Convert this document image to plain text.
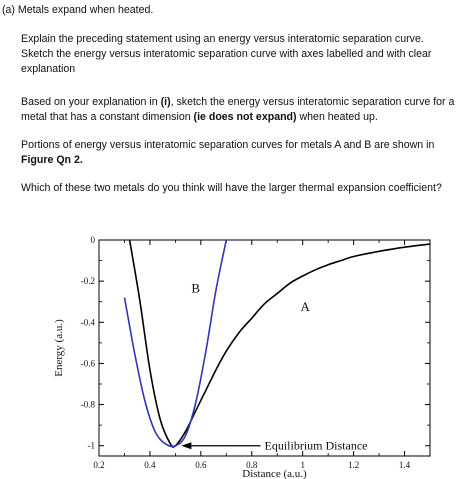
(a) Metals expand when heated.
Explain the preceding statement using an energy versus interatomic separation curve.
Sketch the energy versus interatomic separation curve with axes labelled and with clear
explanation
Based on your explanation in (i), sketch the energy versus interatomic separation curve for a
metal that has a constant dimension (ie does not expand) when heated up.
Portions of energy versus interatomic separation curves for metals A and B are shown in
Figure Qn 2.
Which of these two metals do you think will have the larger thermal expansion coefficient?
0.2	0.4	0.6	0.8	1	1.2	1.4
0
-0.2
-0.4
-0.6
-0.8
-1
Distance (a.u.)
Energy (a.u.)
B
A
Equilibrium Distance
